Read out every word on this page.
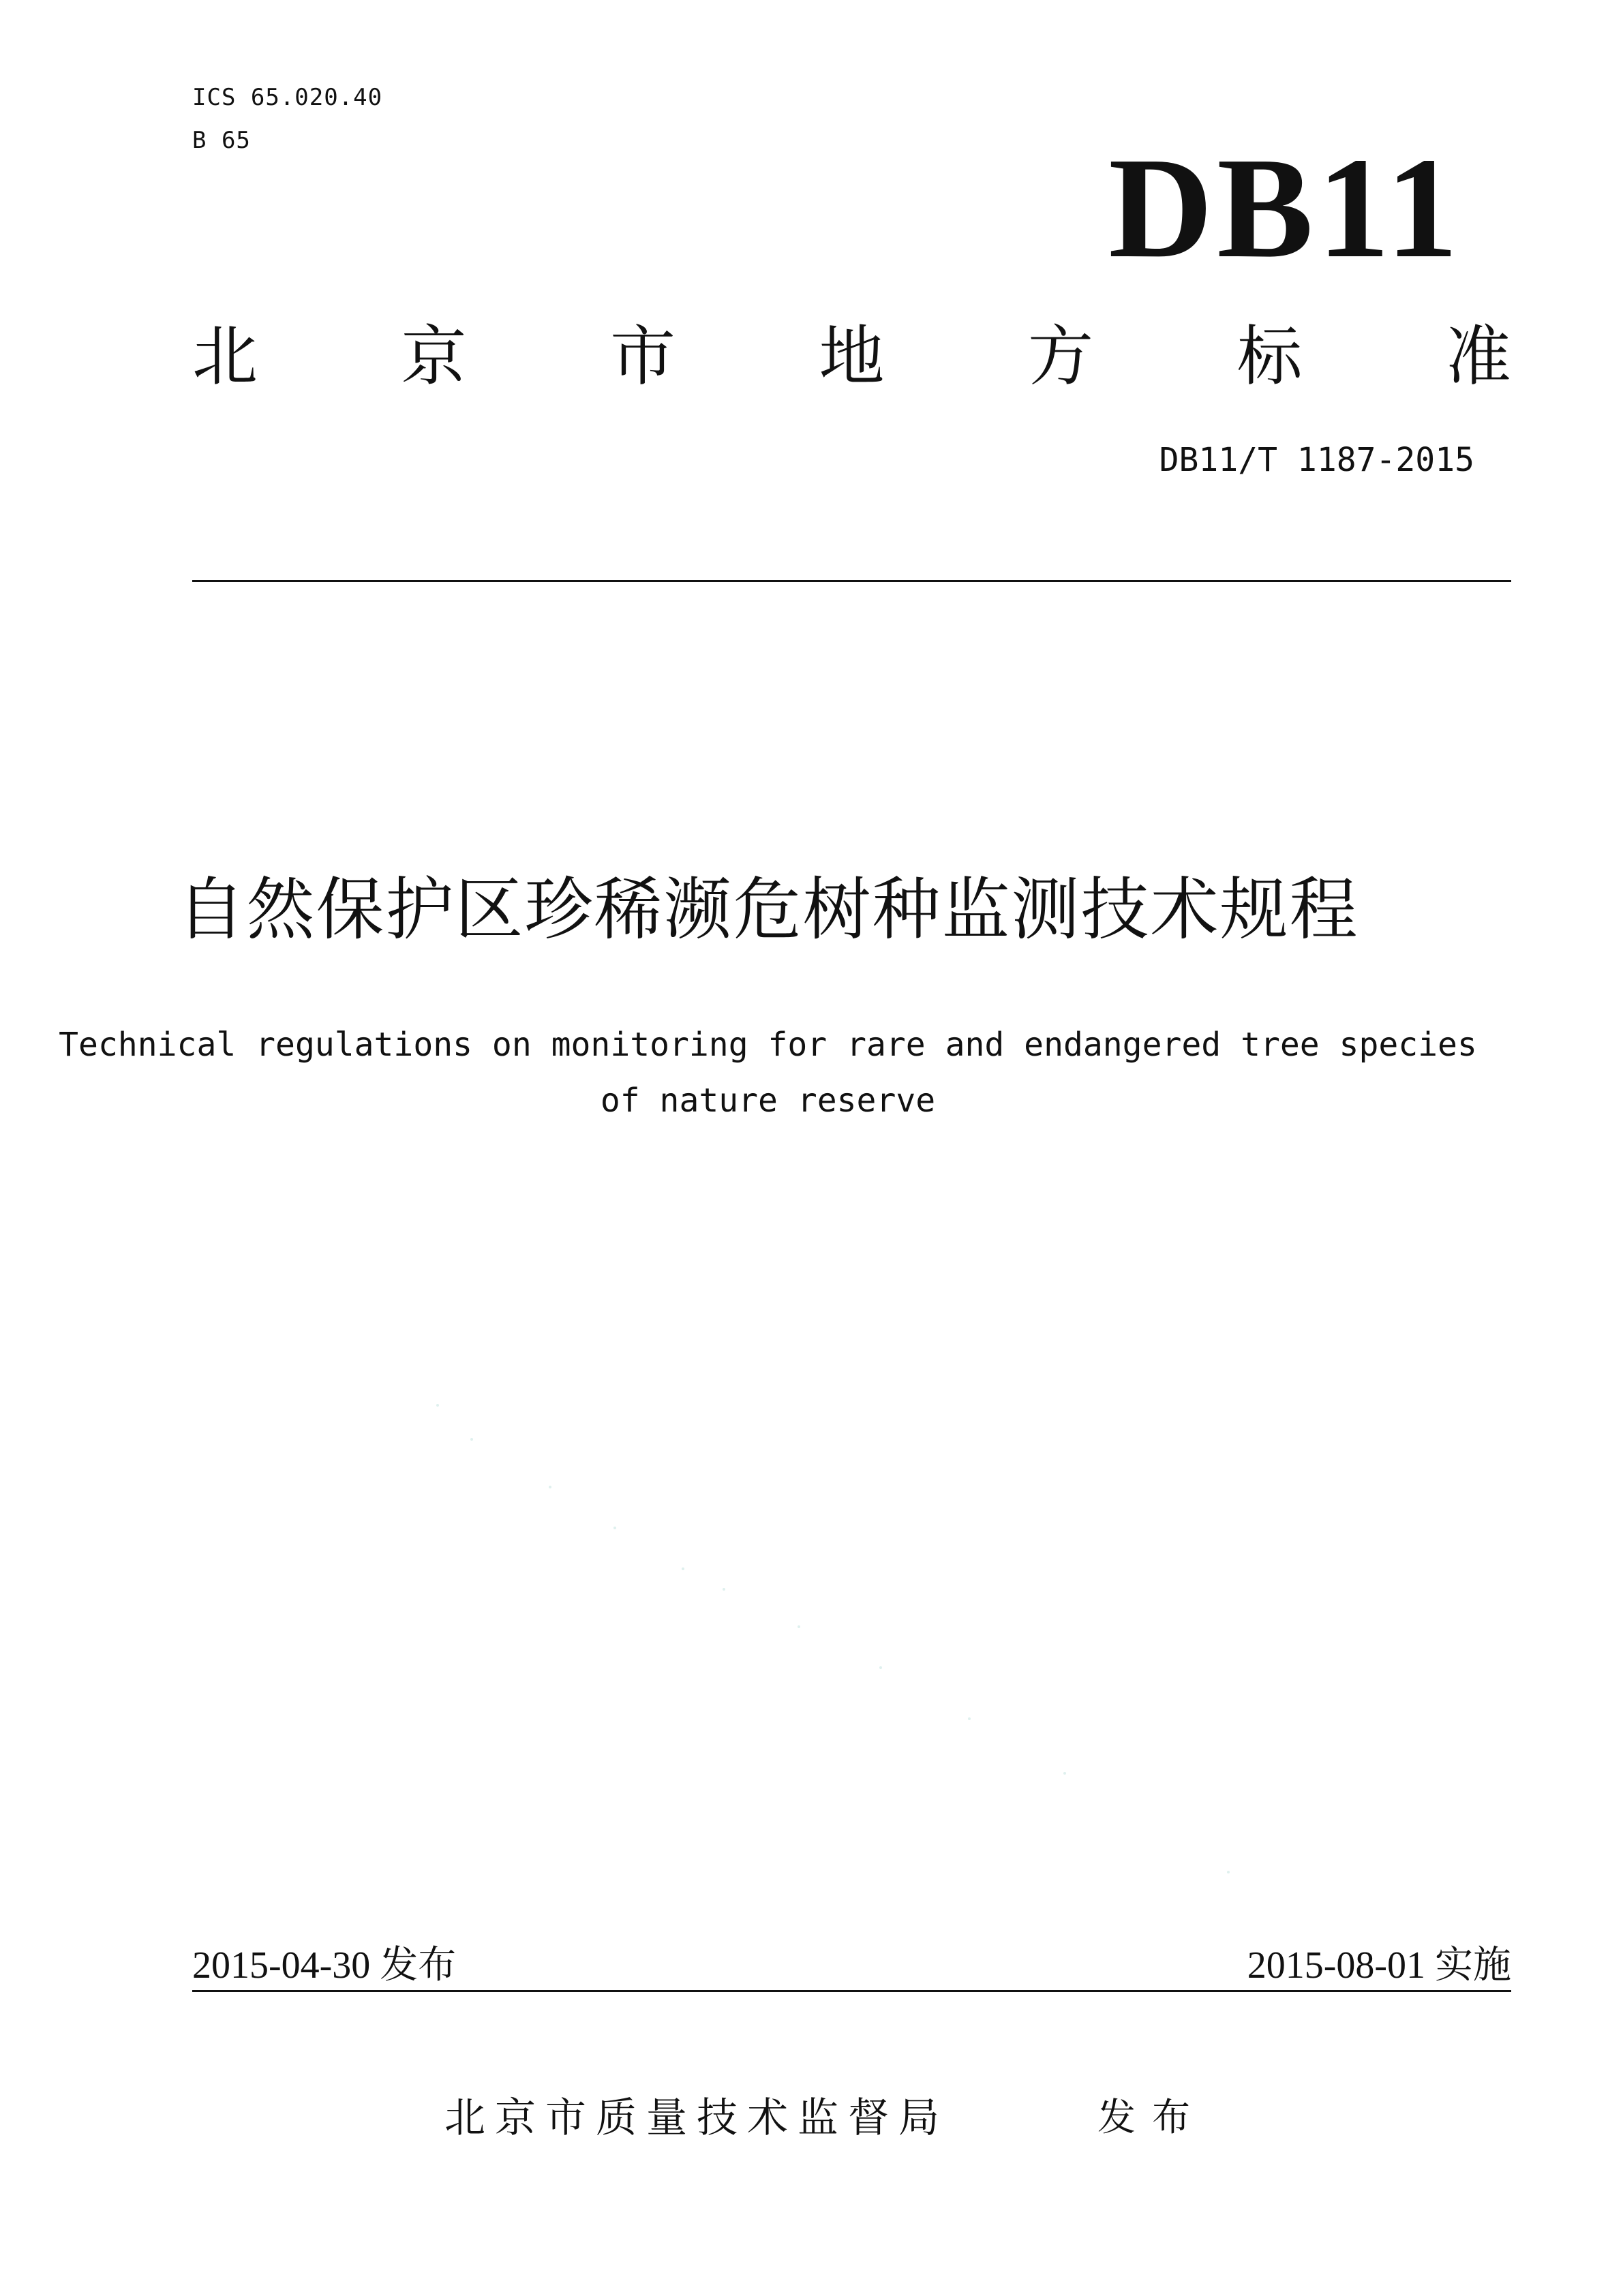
ICS 65.020.40
B 65	DB11
北 京 市 地 方 标 准
DB11/T 1187-2015
自然保护区珍稀濒危树种监测技术规程
Technical regulations on monitoring for rare and endangered tree species
of nature reserve
2015-04-30 发布	2015-08-01 实施
北京市质量技术监督局	发布
